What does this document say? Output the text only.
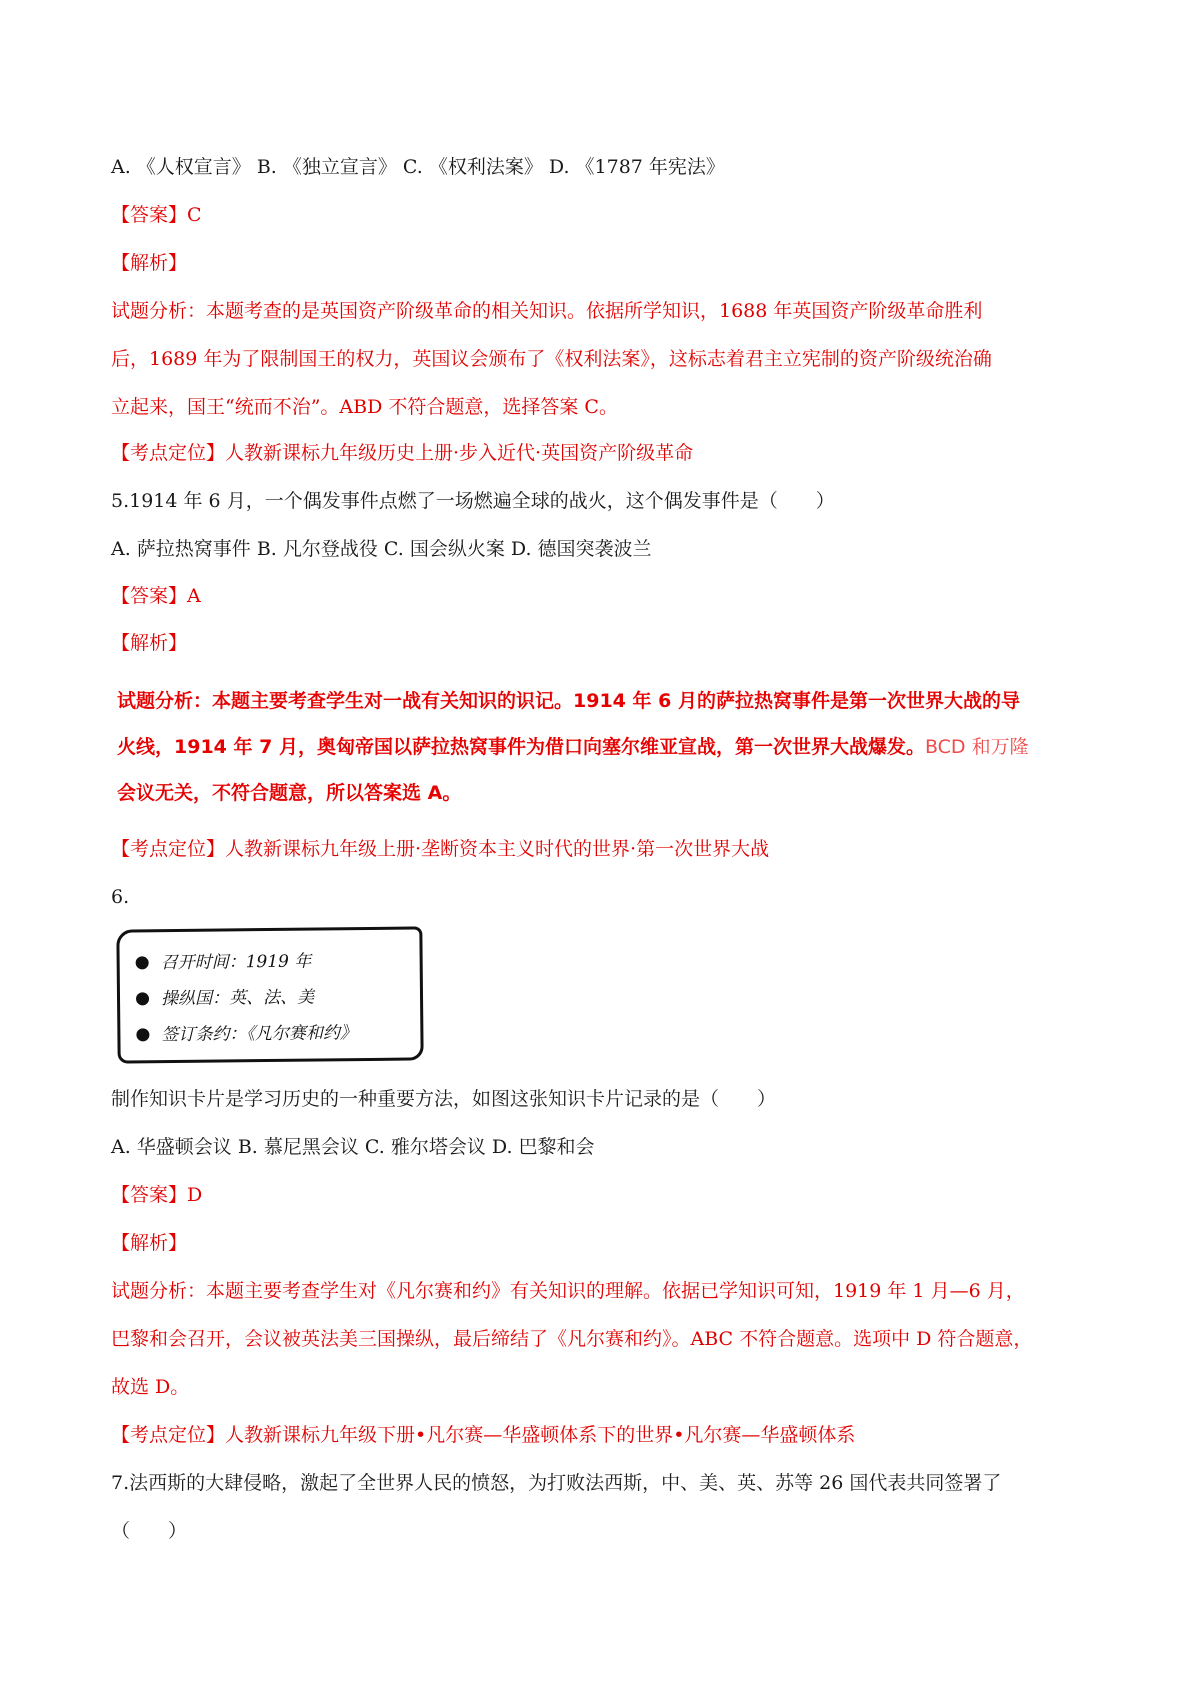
A. 《人权宣言》 B. 《独立宣言》 C. 《权利法案》 D. 《1787 年宪法》
【答案】C
【解析】
试题分析：本题考查的是英国资产阶级革命的相关知识。依据所学知识，1688 年英国资产阶级革命胜利
后，1689 年为了限制国王的权力，英国议会颁布了《权利法案》，这标志着君主立宪制的资产阶级统治确
立起来，国王“统而不治”。ABD 不符合题意，选择答案 C。
【考点定位】人教新课标九年级历史上册·步入近代·英国资产阶级革命
5.1914 年 6 月，一个偶发事件点燃了一场燃遍全球的战火，这个偶发事件是（　　）
A. 萨拉热窝事件 B. 凡尔登战役 C. 国会纵火案 D. 德国突袭波兰
【答案】A
【解析】
试题分析：本题主要考查学生对一战有关知识的识记。1914 年 6 月的萨拉热窝事件是第一次世界大战的导
火线，1914 年 7 月，奥匈帝国以萨拉热窝事件为借口向塞尔维亚宣战，第一次世界大战爆发。BCD 和万隆
会议无关，不符合题意，所以答案选 A。
【考点定位】人教新课标九年级上册·垄断资本主义时代的世界·第一次世界大战
6.
召开时间：1919 年
操纵国：英、法、美
签订条约：《凡尔赛和约》
制作知识卡片是学习历史的一种重要方法，如图这张知识卡片记录的是（　　）
A. 华盛顿会议 B. 慕尼黑会议 C. 雅尔塔会议 D. 巴黎和会
【答案】D
【解析】
试题分析：本题主要考查学生对《凡尔赛和约》有关知识的理解。依据已学知识可知，1919 年 1 月—6 月，
巴黎和会召开，会议被英法美三国操纵，最后缔结了《凡尔赛和约》。ABC 不符合题意。选项中 D 符合题意，
故选 D。
【考点定位】人教新课标九年级下册•凡尔赛—华盛顿体系下的世界•凡尔赛—华盛顿体系
7.法西斯的大肆侵略，激起了全世界人民的愤怒，为打败法西斯，中、美、英、苏等 26 国代表共同签署了
（　　）
